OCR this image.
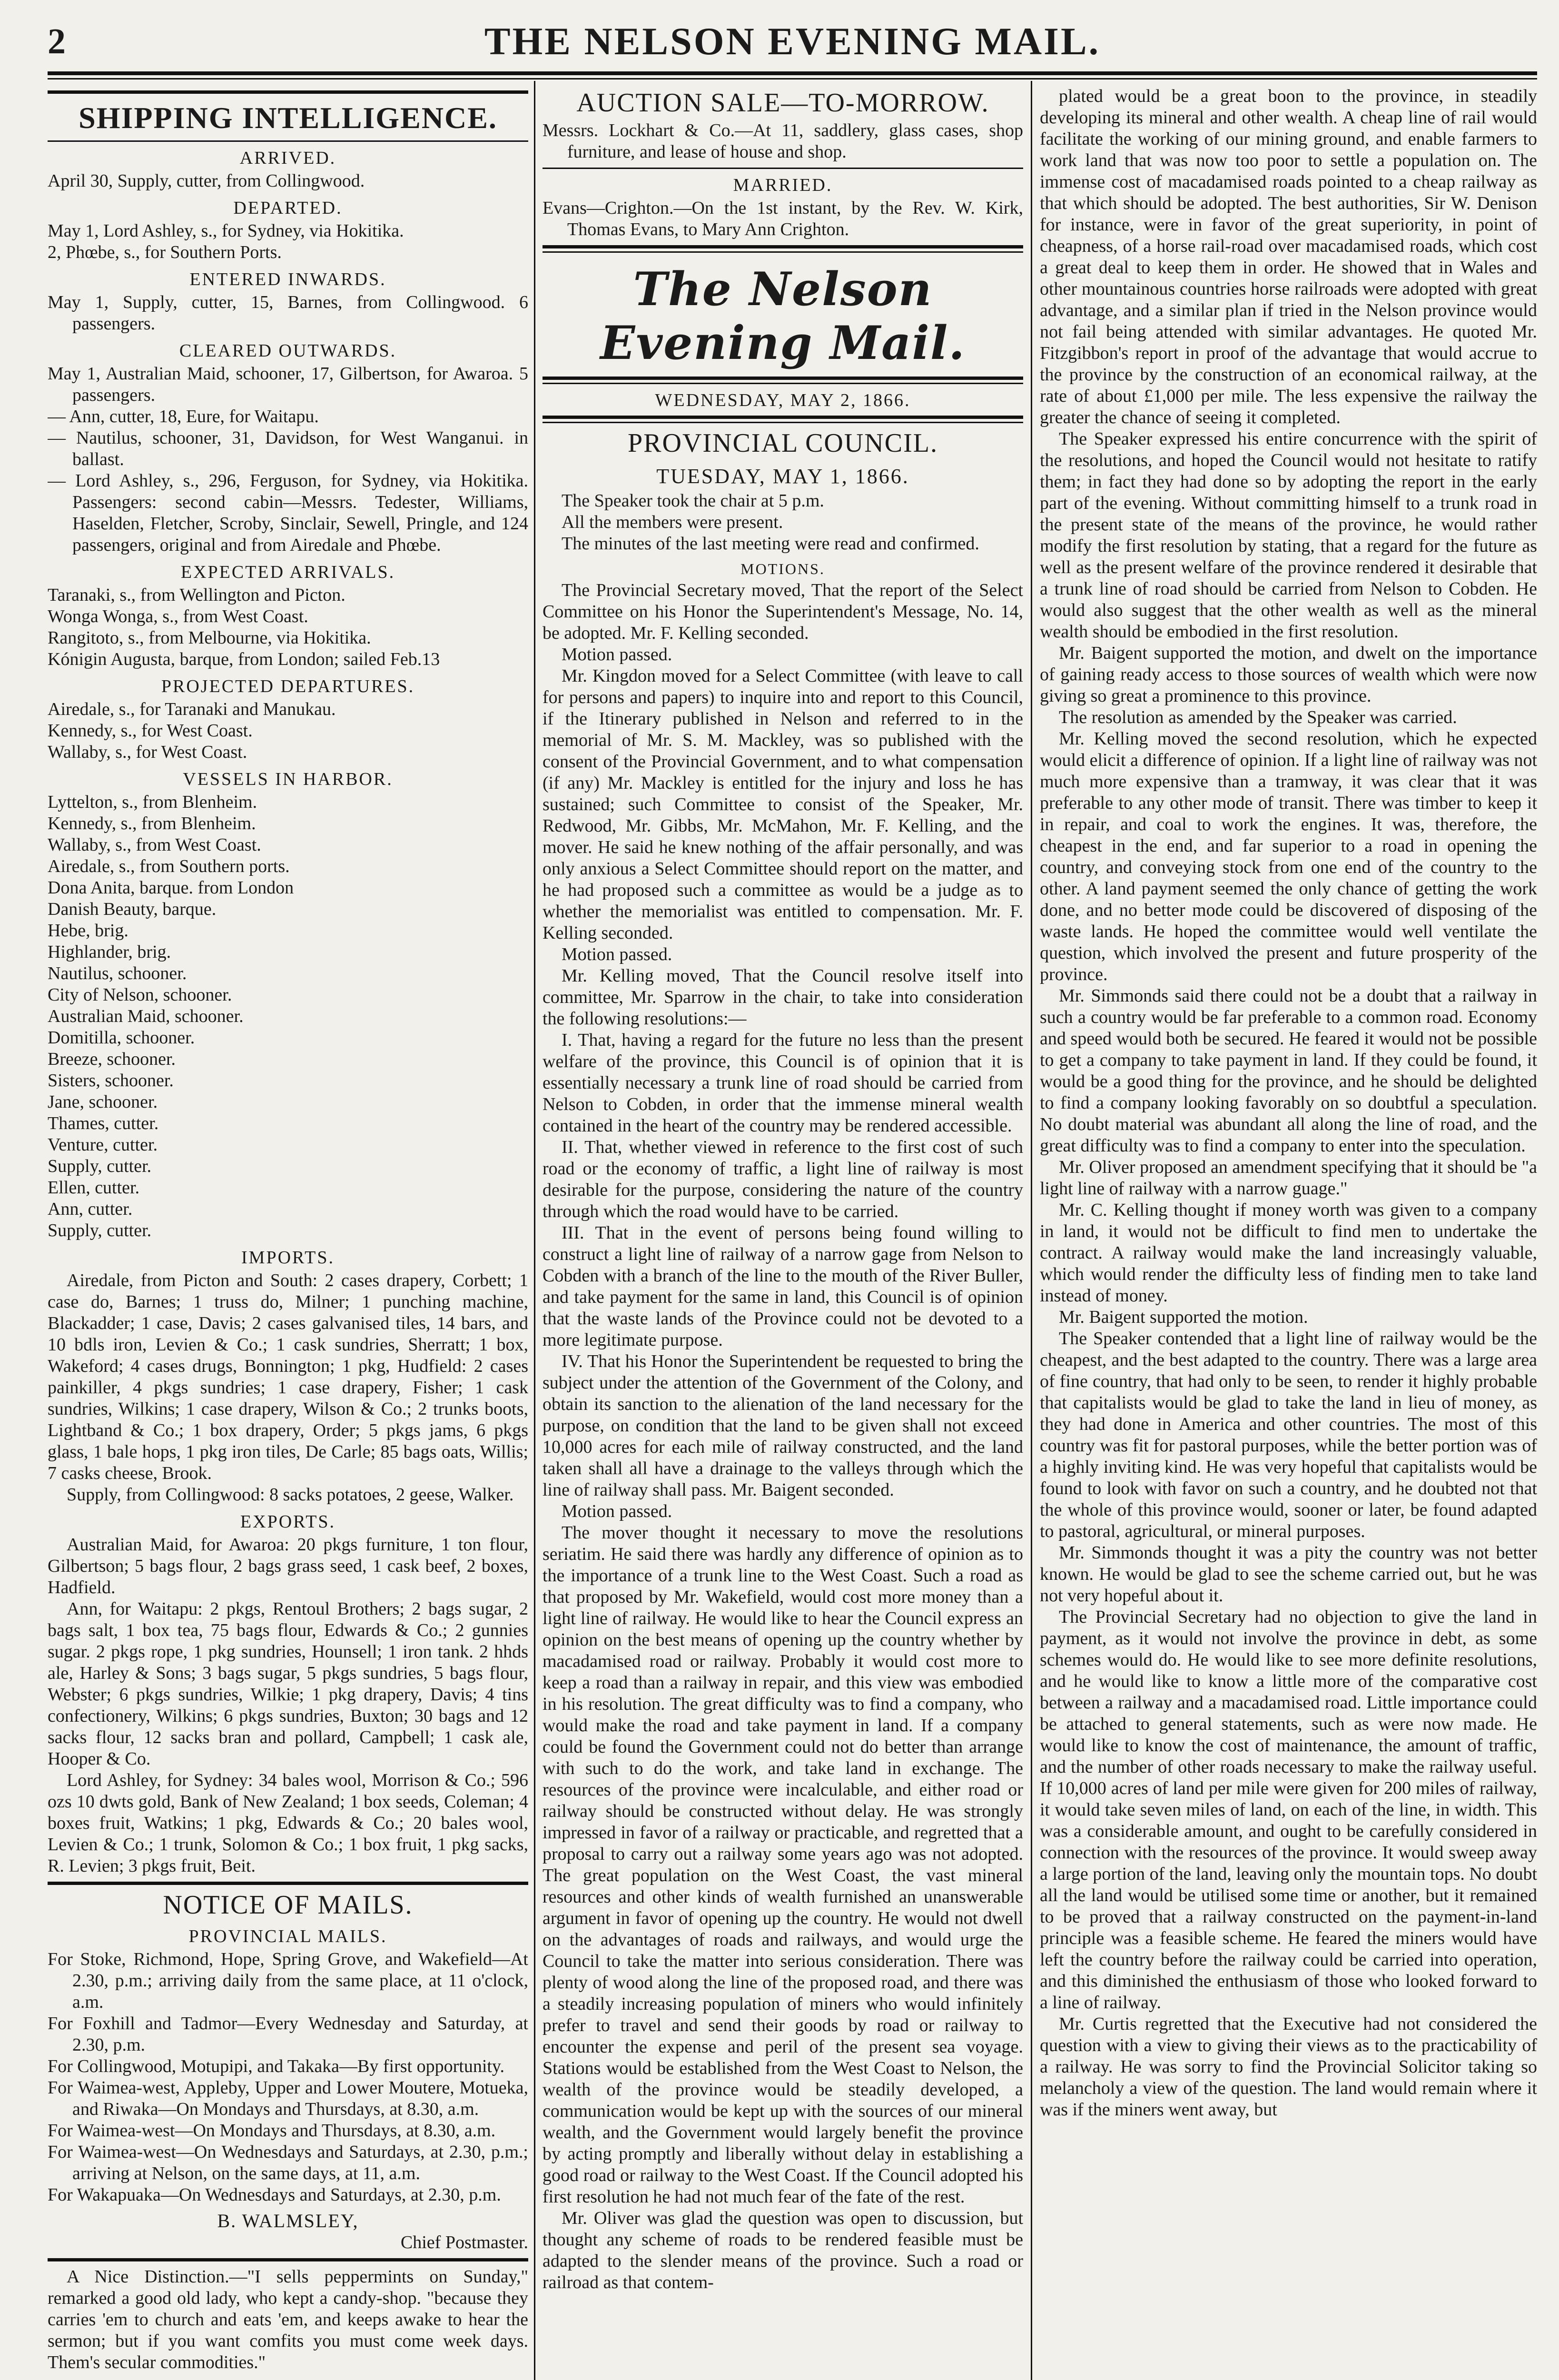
2	THE NELSON EVENING MAIL.
SHIPPING INTELLIGENCE.
ARRIVED.

April 30, Supply, cutter, from Collingwood.

DEPARTED.

May 1, Lord Ashley, s., for Sydney, via Hokitika.

2, Phœbe, s., for Southern Ports.

ENTERED INWARDS.

May 1, Supply, cutter, 15, Barnes, from Collingwood. 6 passengers.

CLEARED OUTWARDS.

May 1, Australian Maid, schooner, 17, Gilbertson, for Awaroa. 5 passengers.

— Ann, cutter, 18, Eure, for Waitapu.

— Nautilus, schooner, 31, Davidson, for West Wanganui. in ballast.

— Lord Ashley, s., 296, Ferguson, for Sydney, via Hokitika. Passengers: second cabin—Messrs. Tedester, Williams, Haselden, Fletcher, Scroby, Sinclair, Sewell, Pringle, and 124 passengers, original and from Airedale and Phœbe.

EXPECTED ARRIVALS.

Taranaki, s., from Wellington and Picton.

Wonga Wonga, s., from West Coast.

Rangitoto, s., from Melbourne, via Hokitika.

Kónigin Augusta, barque, from London; sailed Feb.13

PROJECTED DEPARTURES.

Airedale, s., for Taranaki and Manukau.

Kennedy, s., for West Coast.

Wallaby, s., for West Coast.

VESSELS IN HARBOR.

Lyttelton, s., from Blenheim.

Kennedy, s., from Blenheim.

Wallaby, s., from West Coast.

Airedale, s., from Southern ports.

Dona Anita, barque. from London

Danish Beauty, barque.

Hebe, brig.

Highlander, brig.

Nautilus, schooner.

City of Nelson, schooner.

Australian Maid, schooner.

Domitilla, schooner.

Breeze, schooner.

Sisters, schooner.

Jane, schooner.

Thames, cutter.

Venture, cutter.

Supply, cutter.

Ellen, cutter.

Ann, cutter.

Supply, cutter.

IMPORTS.

Airedale, from Picton and South: 2 cases drapery, Corbett; 1 case do, Barnes; 1 truss do, Milner; 1 punching machine, Blackadder; 1 case, Davis; 2 cases galvanised tiles, 14 bars, and 10 bdls iron, Levien & Co.; 1 cask sundries, Sherratt; 1 box, Wakeford; 4 cases drugs, Bonnington; 1 pkg, Hudfield: 2 cases painkiller, 4 pkgs sundries; 1 case drapery, Fisher; 1 cask sundries, Wilkins; 1 case drapery, Wilson & Co.; 2 trunks boots, Lightband & Co.; 1 box drapery, Order; 5 pkgs jams, 6 pkgs glass, 1 bale hops, 1 pkg iron tiles, De Carle; 85 bags oats, Willis; 7 casks cheese, Brook.

Supply, from Collingwood: 8 sacks potatoes, 2 geese, Walker.

EXPORTS.

Australian Maid, for Awaroa: 20 pkgs furniture, 1 ton flour, Gilbertson; 5 bags flour, 2 bags grass seed, 1 cask beef, 2 boxes, Hadfield.

Ann, for Waitapu: 2 pkgs, Rentoul Brothers; 2 bags sugar, 2 bags salt, 1 box tea, 75 bags flour, Edwards & Co.; 2 gunnies sugar. 2 pkgs rope, 1 pkg sundries, Hounsell; 1 iron tank. 2 hhds ale, Harley & Sons; 3 bags sugar, 5 pkgs sundries, 5 bags flour, Webster; 6 pkgs sundries, Wilkie; 1 pkg drapery, Davis; 4 tins confectionery, Wilkins; 6 pkgs sundries, Buxton; 30 bags and 12 sacks flour, 12 sacks bran and pollard, Campbell; 1 cask ale, Hooper & Co.

Lord Ashley, for Sydney: 34 bales wool, Morrison & Co.; 596 ozs 10 dwts gold, Bank of New Zealand; 1 box seeds, Coleman; 4 boxes fruit, Watkins; 1 pkg, Edwards & Co.; 20 bales wool, Levien & Co.; 1 trunk, Solomon & Co.; 1 box fruit, 1 pkg sacks, R. Levien; 3 pkgs fruit, Beit.

NOTICE OF MAILS.
PROVINCIAL MAILS.

For Stoke, Richmond, Hope, Spring Grove, and Wakefield—At 2.30, p.m.; arriving daily from the same place, at 11 o'clock, a.m.

For Foxhill and Tadmor—Every Wednesday and Saturday, at 2.30, p.m.

For Collingwood, Motupipi, and Takaka—By first opportunity.

For Waimea-west, Appleby, Upper and Lower Moutere, Motueka, and Riwaka—On Mondays and Thursdays, at 8.30, a.m.

For Waimea-west—On Mondays and Thursdays, at 8.30, a.m.

For Waimea-west—On Wednesdays and Saturdays, at 2.30, p.m.; arriving at Nelson, on the same days, at 11, a.m.

For Wakapuaka—On Wednesdays and Saturdays, at 2.30, p.m.

B. WALMSLEY,
Chief Postmaster.

A Nice Distinction.—"I sells peppermints on Sunday," remarked a good old lady, who kept a candy-shop. "because they carries 'em to church and eats 'em, and keeps awake to hear the sermon; but if you want comfits you must come week days. Them's secular commodities."

AUCTION SALE—TO-MORROW.

Messrs. Lockhart & Co.—At 11, saddlery, glass cases, shop furniture, and lease of house and shop.

MARRIED.

Evans—Crighton.—On the 1st instant, by the Rev. W. Kirk, Thomas Evans, to Mary Ann Crighton.

The Nelson Evening Mail.
WEDNESDAY, MAY 2, 1866.
PROVINCIAL COUNCIL.
TUESDAY, MAY 1, 1866.

The Speaker took the chair at 5 p.m.

All the members were present.

The minutes of the last meeting were read and confirmed.

MOTIONS.

The Provincial Secretary moved, That the report of the Select Committee on his Honor the Superintendent's Message, No. 14, be adopted. Mr. F. Kelling seconded.

Motion passed.

Mr. Kingdon moved for a Select Committee (with leave to call for persons and papers) to inquire into and report to this Council, if the Itinerary published in Nelson and referred to in the memorial of Mr. S. M. Mackley, was so published with the consent of the Provincial Government, and to what compensation (if any) Mr. Mackley is entitled for the injury and loss he has sustained; such Committee to consist of the Speaker, Mr. Redwood, Mr. Gibbs, Mr. McMahon, Mr. F. Kelling, and the mover. He said he knew nothing of the affair personally, and was only anxious a Select Committee should report on the matter, and he had proposed such a committee as would be a judge as to whether the memorialist was entitled to compensation. Mr. F. Kelling seconded.

Motion passed.

Mr. Kelling moved, That the Council resolve itself into committee, Mr. Sparrow in the chair, to take into consideration the following resolutions:—

I. That, having a regard for the future no less than the present welfare of the province, this Council is of opinion that it is essentially necessary a trunk line of road should be carried from Nelson to Cobden, in order that the immense mineral wealth contained in the heart of the country may be rendered accessible.

II. That, whether viewed in reference to the first cost of such road or the economy of traffic, a light line of railway is most desirable for the purpose, considering the nature of the country through which the road would have to be carried.

III. That in the event of persons being found willing to construct a light line of railway of a narrow gage from Nelson to Cobden with a branch of the line to the mouth of the River Buller, and take payment for the same in land, this Council is of opinion that the waste lands of the Province could not be devoted to a more legitimate purpose.

IV. That his Honor the Superintendent be requested to bring the subject under the attention of the Government of the Colony, and obtain its sanction to the alienation of the land necessary for the purpose, on condition that the land to be given shall not exceed 10,000 acres for each mile of railway constructed, and the land taken shall all have a drainage to the valleys through which the line of railway shall pass. Mr. Baigent seconded.

Motion passed.

The mover thought it necessary to move the resolutions seriatim. He said there was hardly any difference of opinion as to the importance of a trunk line to the West Coast. Such a road as that proposed by Mr. Wakefield, would cost more money than a light line of railway. He would like to hear the Council express an opinion on the best means of opening up the country whether by macadamised road or railway. Probably it would cost more to keep a road than a railway in repair, and this view was embodied in his resolution. The great difficulty was to find a company, who would make the road and take payment in land. If a company could be found the Government could not do better than arrange with such to do the work, and take land in exchange. The resources of the province were incalculable, and either road or railway should be constructed without delay. He was strongly impressed in favor of a railway or practicable, and regretted that a proposal to carry out a railway some years ago was not adopted. The great population on the West Coast, the vast mineral resources and other kinds of wealth furnished an unanswerable argument in favor of opening up the country. He would not dwell on the advantages of roads and railways, and would urge the Council to take the matter into serious consideration. There was plenty of wood along the line of the proposed road, and there was a steadily increasing population of miners who would infinitely prefer to travel and send their goods by road or railway to encounter the expense and peril of the present sea voyage. Stations would be established from the West Coast to Nelson, the wealth of the province would be steadily developed, a communication would be kept up with the sources of our mineral wealth, and the Government would largely benefit the province by acting promptly and liberally without delay in establishing a good road or railway to the West Coast. If the Council adopted his first resolution he had not much fear of the fate of the rest.

Mr. Oliver was glad the question was open to discussion, but thought any scheme of roads to be rendered feasible must be adapted to the slender means of the province. Such a road or railroad as that contem-

plated would be a great boon to the province, in steadily developing its mineral and other wealth. A cheap line of rail would facilitate the working of our mining ground, and enable farmers to work land that was now too poor to settle a population on. The immense cost of macadamised roads pointed to a cheap railway as that which should be adopted. The best authorities, Sir W. Denison for instance, were in favor of the great superiority, in point of cheapness, of a horse rail-road over macadamised roads, which cost a great deal to keep them in order. He showed that in Wales and other mountainous countries horse railroads were adopted with great advantage, and a similar plan if tried in the Nelson province would not fail being attended with similar advantages. He quoted Mr. Fitzgibbon's report in proof of the advantage that would accrue to the province by the construction of an economical railway, at the rate of about £1,000 per mile. The less expensive the railway the greater the chance of seeing it completed.

The Speaker expressed his entire concurrence with the spirit of the resolutions, and hoped the Council would not hesitate to ratify them; in fact they had done so by adopting the report in the early part of the evening. Without committing himself to a trunk road in the present state of the means of the province, he would rather modify the first resolution by stating, that a regard for the future as well as the present welfare of the province rendered it desirable that a trunk line of road should be carried from Nelson to Cobden. He would also suggest that the other wealth as well as the mineral wealth should be embodied in the first resolution.

Mr. Baigent supported the motion, and dwelt on the importance of gaining ready access to those sources of wealth which were now giving so great a prominence to this province.

The resolution as amended by the Speaker was carried.

Mr. Kelling moved the second resolution, which he expected would elicit a difference of opinion. If a light line of railway was not much more expensive than a tramway, it was clear that it was preferable to any other mode of transit. There was timber to keep it in repair, and coal to work the engines. It was, therefore, the cheapest in the end, and far superior to a road in opening the country, and conveying stock from one end of the country to the other. A land payment seemed the only chance of getting the work done, and no better mode could be discovered of disposing of the waste lands. He hoped the committee would well ventilate the question, which involved the present and future prosperity of the province.

Mr. Simmonds said there could not be a doubt that a railway in such a country would be far preferable to a common road. Economy and speed would both be secured. He feared it would not be possible to get a company to take payment in land. If they could be found, it would be a good thing for the province, and he should be delighted to find a company looking favorably on so doubtful a speculation. No doubt material was abundant all along the line of road, and the great difficulty was to find a company to enter into the speculation.

Mr. Oliver proposed an amendment specifying that it should be "a light line of railway with a narrow guage."

Mr. C. Kelling thought if money worth was given to a company in land, it would not be difficult to find men to undertake the contract. A railway would make the land increasingly valuable, which would render the difficulty less of finding men to take land instead of money.

Mr. Baigent supported the motion.

The Speaker contended that a light line of railway would be the cheapest, and the best adapted to the country. There was a large area of fine country, that had only to be seen, to render it highly probable that capitalists would be glad to take the land in lieu of money, as they had done in America and other countries. The most of this country was fit for pastoral purposes, while the better portion was of a highly inviting kind. He was very hopeful that capitalists would be found to look with favor on such a country, and he doubted not that the whole of this province would, sooner or later, be found adapted to pastoral, agricultural, or mineral purposes.

Mr. Simmonds thought it was a pity the country was not better known. He would be glad to see the scheme carried out, but he was not very hopeful about it.

The Provincial Secretary had no objection to give the land in payment, as it would not involve the province in debt, as some schemes would do. He would like to see more definite resolutions, and he would like to know a little more of the comparative cost between a railway and a macadamised road. Little importance could be attached to general statements, such as were now made. He would like to know the cost of maintenance, the amount of traffic, and the number of other roads necessary to make the railway useful. If 10,000 acres of land per mile were given for 200 miles of railway, it would take seven miles of land, on each of the line, in width. This was a considerable amount, and ought to be carefully considered in connection with the resources of the province. It would sweep away a large portion of the land, leaving only the mountain tops. No doubt all the land would be utilised some time or another, but it remained to be proved that a railway constructed on the payment-in-land principle was a feasible scheme. He feared the miners would have left the country before the railway could be carried into operation, and this diminished the enthusiasm of those who looked forward to a line of railway.

Mr. Curtis regretted that the Executive had not considered the question with a view to giving their views as to the practicability of a railway. He was sorry to find the Provincial Solicitor taking so melancholy a view of the question. The land would remain where it was if the miners went away, but
